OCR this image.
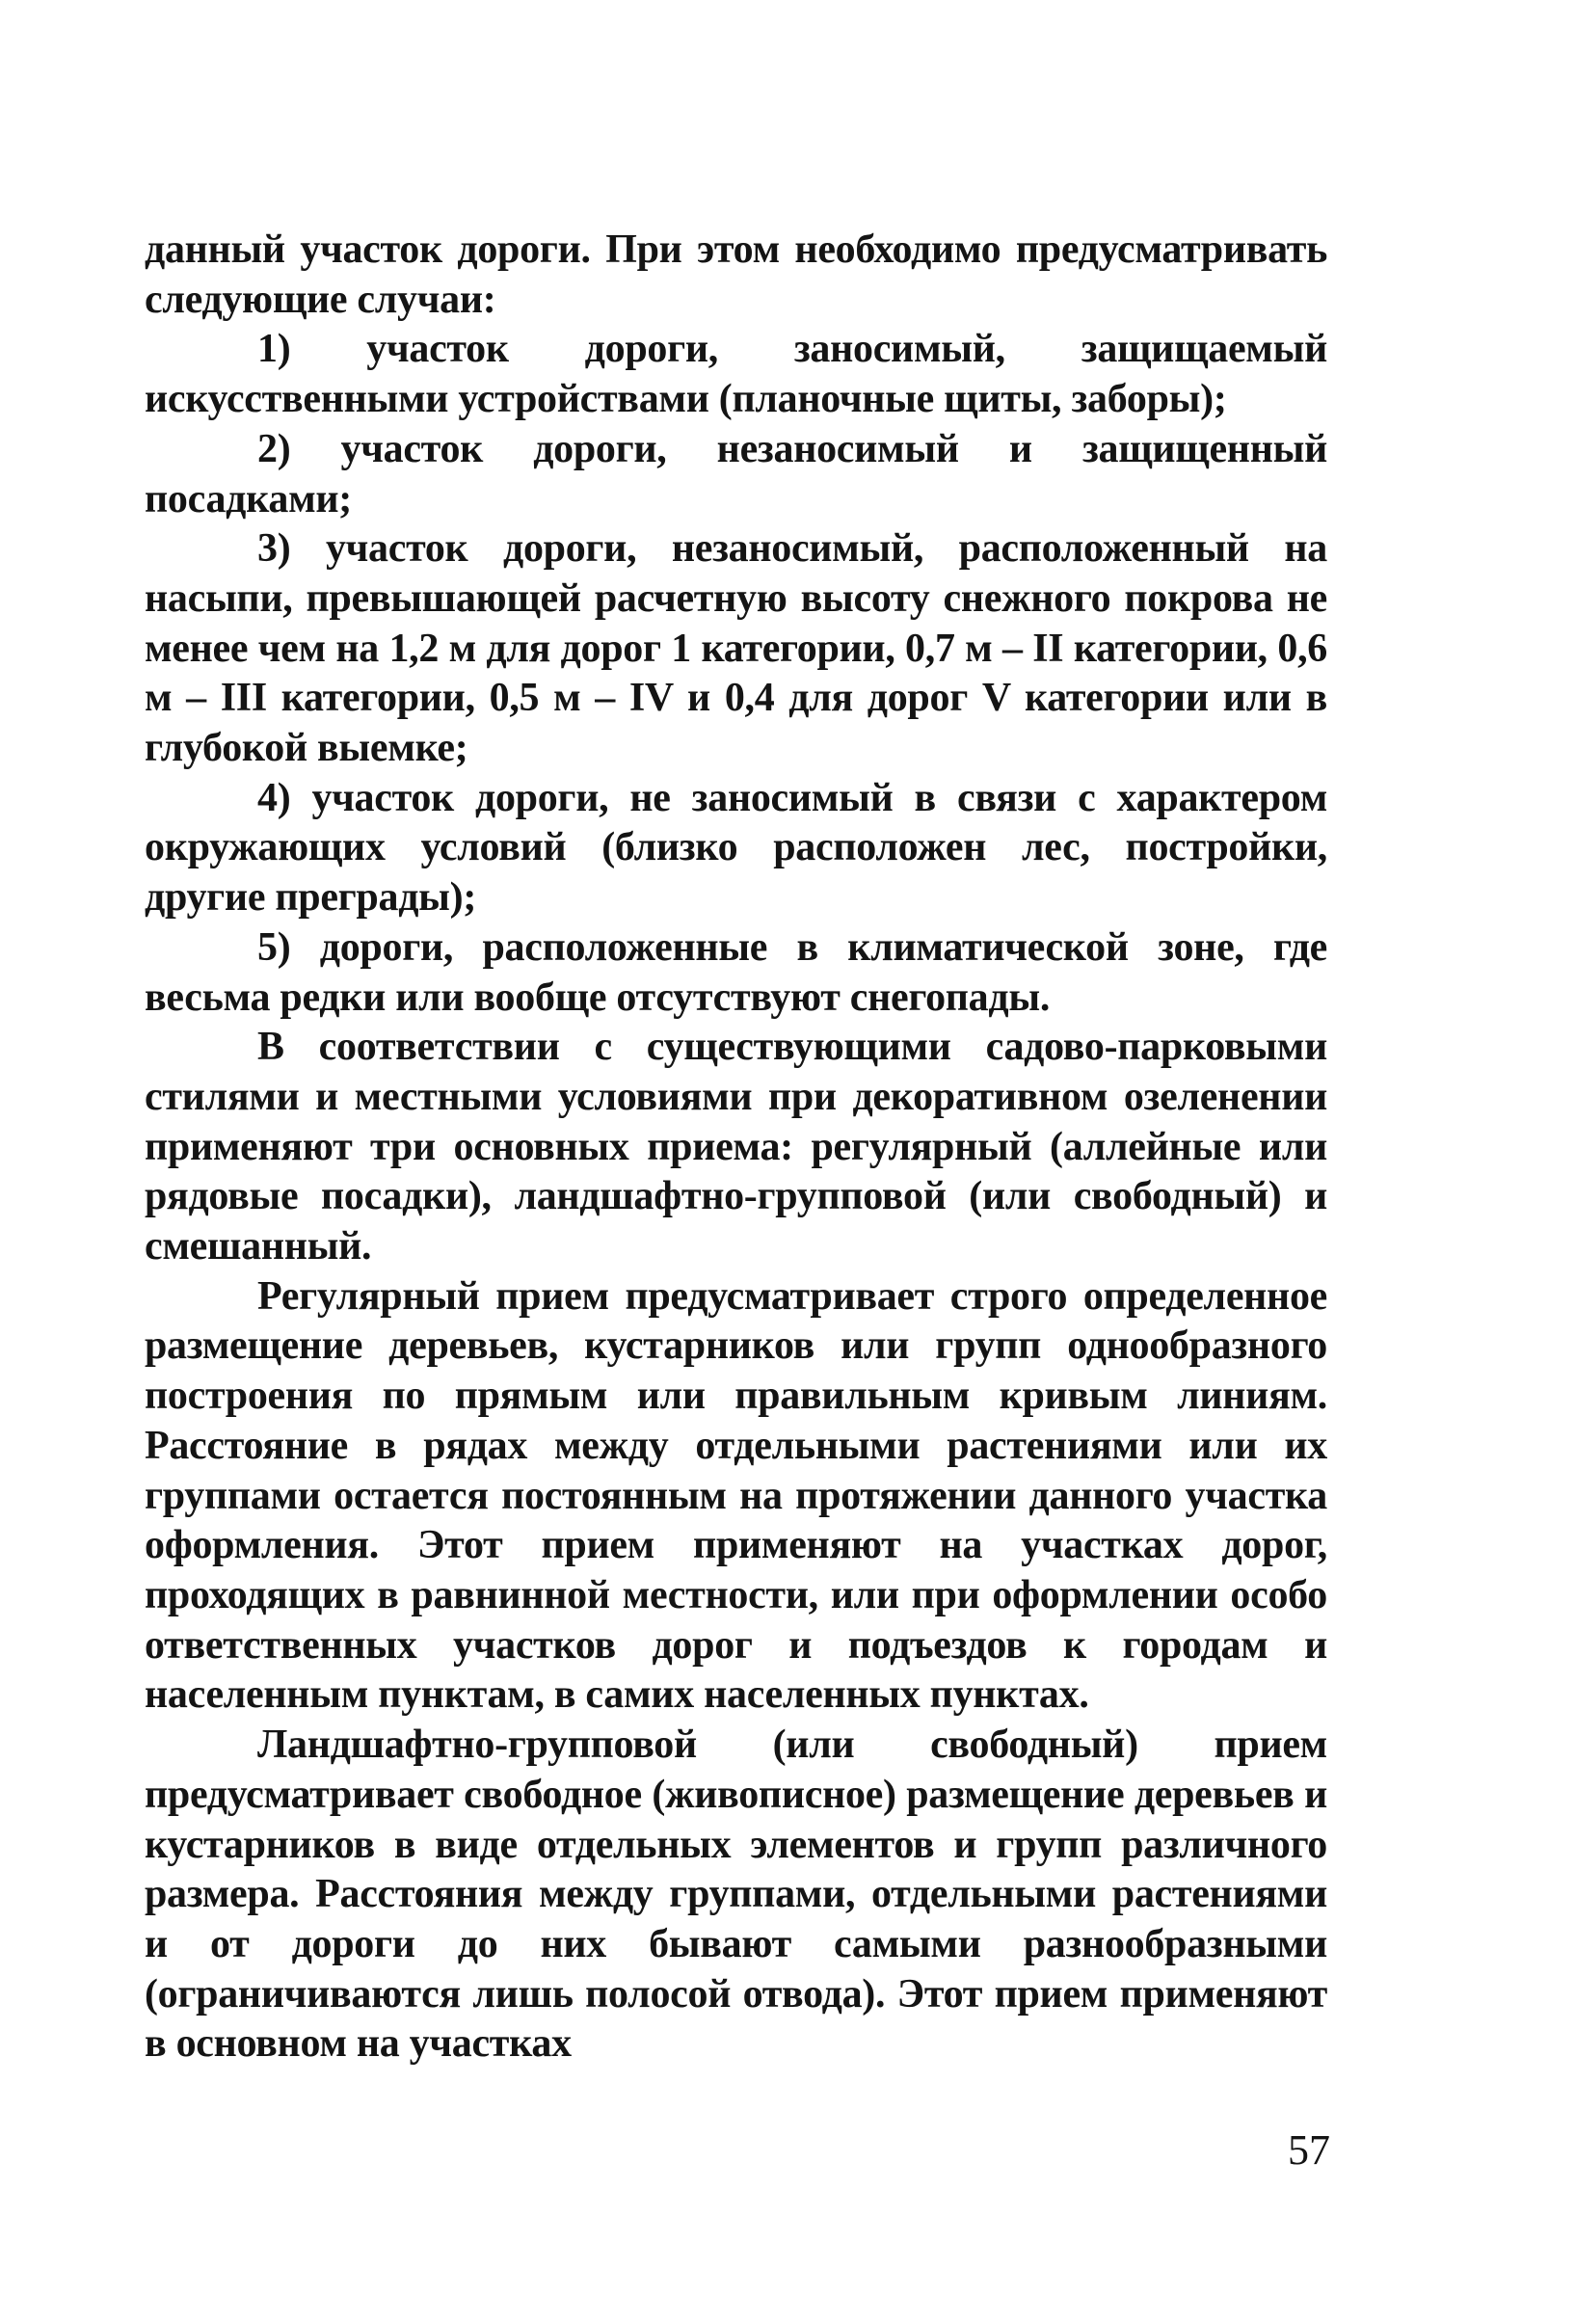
данный участок дороги. При этом необходимо предусматривать следующие случаи:

1) участок дороги, заносимый, защищаемый искусственными устройствами (планочные щиты, заборы);

2) участок дороги, незаносимый и защищенный посадками;

3) участок дороги, незаносимый, расположенный на насыпи, превышающей расчетную высоту снежного покрова не менее чем на 1,2 м для дорог 1 категории, 0,7 м – II категории, 0,6 м – III категории, 0,5 м – IV и 0,4 для дорог V категории или в глубокой выемке;

4) участок дороги, не заносимый в связи с характером окружающих условий (близко расположен лес, постройки, другие преграды);

5) дороги, расположенные в климатической зоне, где весьма редки или вообще отсутствуют снегопады.

В соответствии с существующими садово-парковыми стилями и местными условиями при декоративном озеленении применяют три основных приема: регулярный (аллейные или рядовые посадки), ландшафтно-групповой (или свободный) и смешанный.

Регулярный прием предусматривает строго определенное размещение деревьев, кустарников или групп однообразного построения по прямым или правильным кривым линиям. Расстояние в рядах между отдельными растениями или их группами остается постоянным на протяжении данного участка оформления. Этот прием применяют на участках дорог, проходящих в равнинной местности, или при оформлении особо ответственных участков дорог и подъездов к городам и населенным пунктам, в самих населенных пунктах.

Ландшафтно-групповой (или свободный) прием предусматривает свободное (живописное) размещение деревьев и кустарников в виде отдельных элементов и групп различного размера. Расстояния между группами, отдельными растениями и от дороги до них бывают самыми разнообразными (ограничиваются лишь полосой отвода). Этот прием применяют в основном на участках

57
